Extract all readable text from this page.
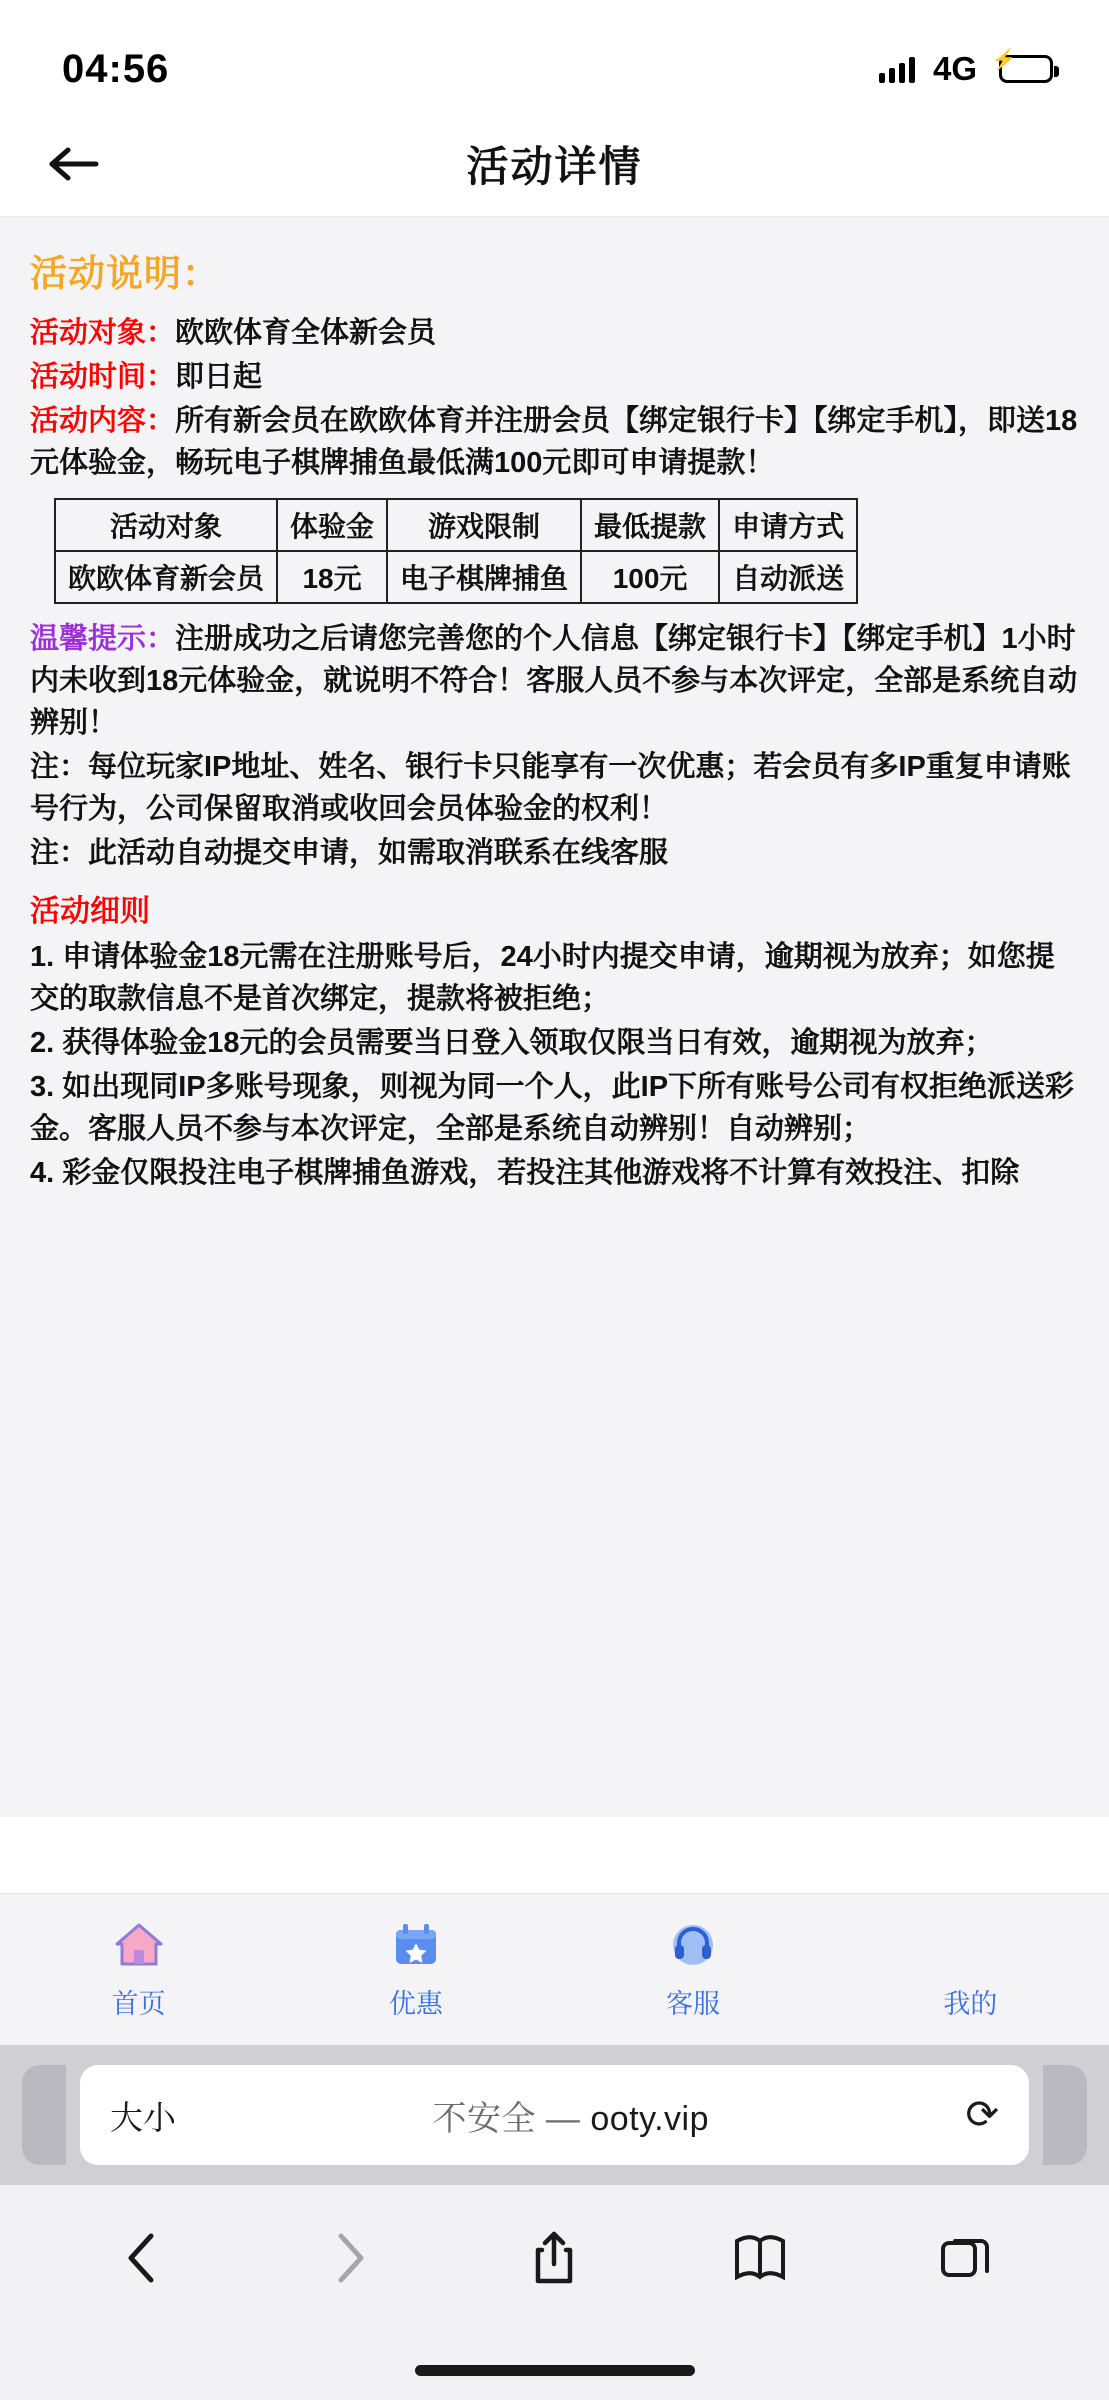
04:56	4G ⚡
活动详情
活动说明：
活动对象：欧欧体育全体新会员
活动时间：即日起
活动内容：所有新会员在欧欧体育并注册会员【绑定银行卡】【绑定手机】，即送18元体验金，畅玩电子棋牌捕鱼最低满100元即可申请提款！
活动对象	体验金	游戏限制	最低提款	申请方式
欧欧体育新会员	18元	电子棋牌捕鱼	100元	自动派送
温馨提示：注册成功之后请您完善您的个人信息【绑定银行卡】【绑定手机】1小时内未收到18元体验金，就说明不符合！客服人员不参与本次评定，全部是系统自动辨别！
注：每位玩家IP地址、姓名、银行卡只能享有一次优惠；若会员有多IP重复申请账号行为，公司保留取消或收回会员体验金的权利！
注：此活动自动提交申请，如需取消联系在线客服
活动细则
1. 申请体验金18元需在注册账号后，24小时内提交申请，逾期视为放弃；如您提交的取款信息不是首次绑定，提款将被拒绝；
2. 获得体验金18元的会员需要当日登入领取仅限当日有效，逾期视为放弃；
3. 如出现同IP多账号现象，则视为同一个人，此IP下所有账号公司有权拒绝派送彩金。客服人员不参与本次评定，全部是系统自动辨别！自动辨别；
4. 彩金仅限投注电子棋牌捕鱼游戏，若投注其他游戏将不计算有效投注、扣除
首页	优惠	客服	我的
大小	不安全 — ooty.vip	⟳
